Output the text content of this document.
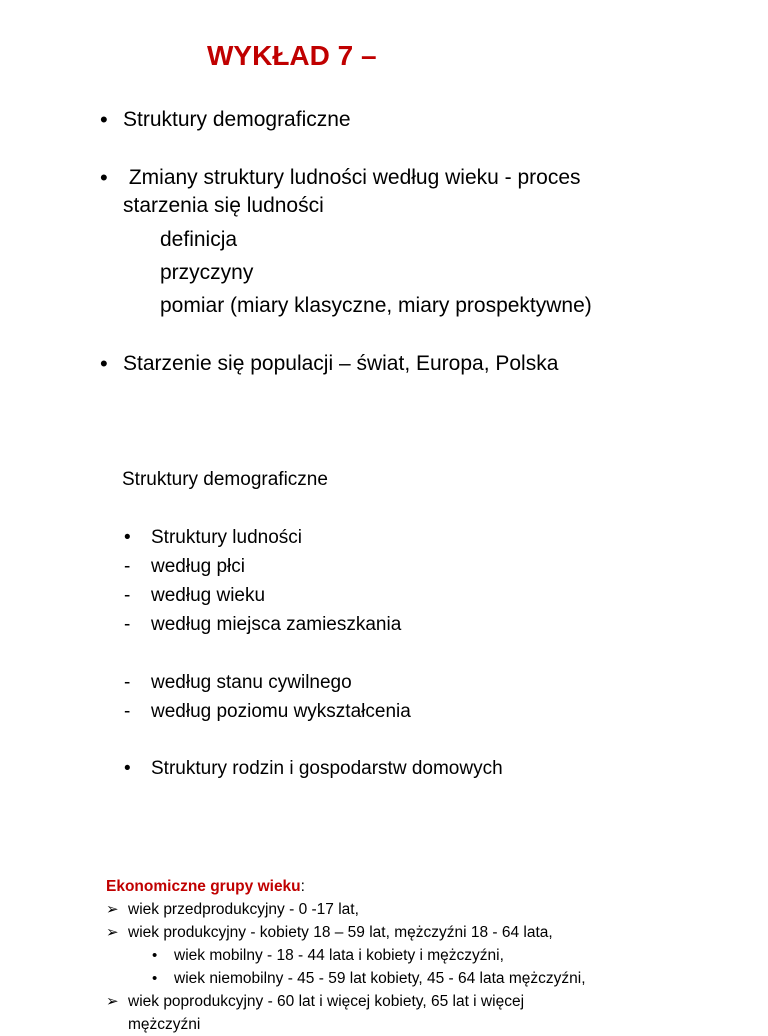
WYKŁAD 7 –
• Struktury demograficzne
• Zmiany struktury ludności według wieku - proces
starzenia się ludności
definicja
przyczyny
pomiar (miary klasyczne, miary prospektywne)
• Starzenie się populacji – świat, Europa, Polska
Struktury demograficzne
• Struktury ludności
- według płci
- według wieku
- według miejsca zamieszkania
- według stanu cywilnego
- według poziomu wykształcenia
• Struktury rodzin i gospodarstw domowych
Ekonomiczne grupy wieku:
➢ wiek przedprodukcyjny - 0 -17 lat,
➢ wiek produkcyjny - kobiety 18 – 59 lat, mężczyźni 18 - 64 lata,
• wiek mobilny - 18 - 44 lata i kobiety i mężczyźni,
• wiek niemobilny - 45 - 59 lat kobiety, 45 - 64 lata mężczyźni,
➢ wiek poprodukcyjny - 60 lat i więcej kobiety, 65 lat i więcej
mężczyźni
